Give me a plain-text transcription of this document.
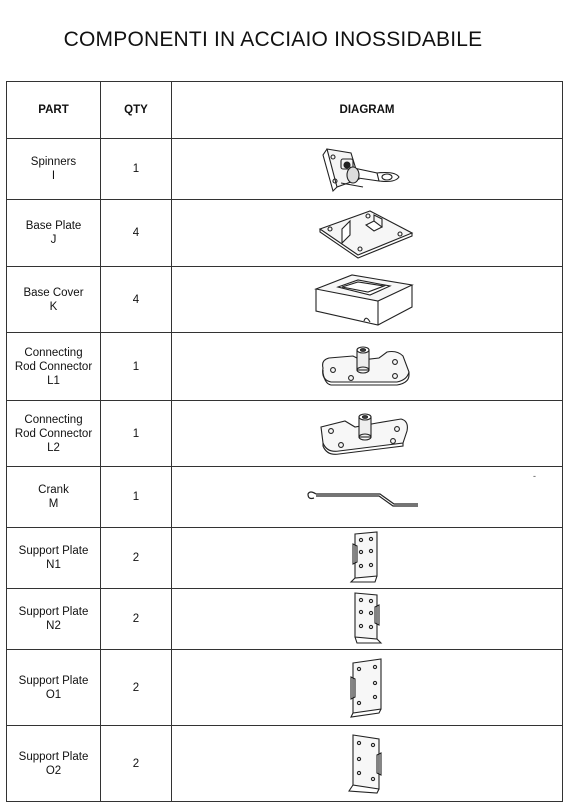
COMPONENTI IN ACCIAIO INOSSIDABILE
PART	QTY	DIAGRAM

Spinners
I	1	

Base Plate
J	4	

Base Cover
K	4	

Connecting
Rod Connector
L1	1	

Connecting
Rod Connector
L2	1	

Crank
M	1	-

Support Plate
N1	2	

Support Plate
N2	2	

Support Plate
O1	2	

Support Plate
O2	2	
